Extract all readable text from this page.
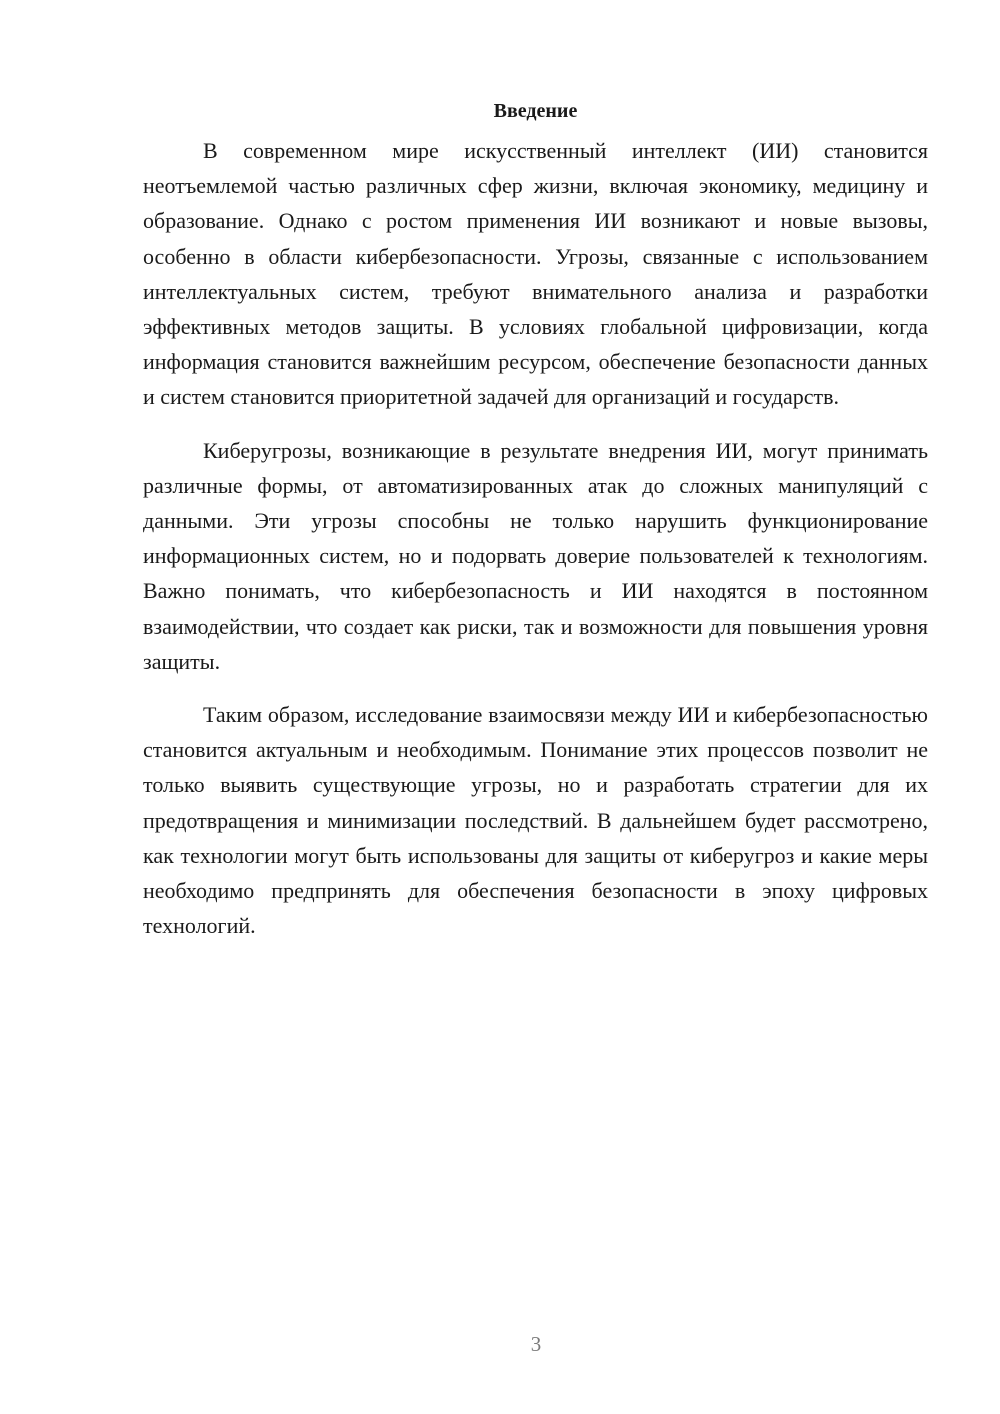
Введение

В современном мире искусственный интеллект (ИИ) становится неотъемлемой частью различных сфер жизни, включая экономику, медицину и образование. Однако с ростом применения ИИ возникают и новые вызовы, особенно в области кибербезопасности. Угрозы, связанные с использованием интеллектуальных систем, требуют внимательного анализа и разработки эффективных методов защиты. В условиях глобальной цифровизации, когда информация становится важнейшим ресурсом, обеспечение безопасности данных и систем становится приоритетной задачей для организаций и государств.

Киберугрозы, возникающие в результате внедрения ИИ, могут принимать различные формы, от автоматизированных атак до сложных манипуляций с данными. Эти угрозы способны не только нарушить функционирование информационных систем, но и подорвать доверие пользователей к технологиям. Важно понимать, что кибербезопасность и ИИ находятся в постоянном взаимодействии, что создает как риски, так и возможности для повышения уровня защиты.

Таким образом, исследование взаимосвязи между ИИ и кибербезопасностью становится актуальным и необходимым. Понимание этих процессов позволит не только выявить существующие угрозы, но и разработать стратегии для их предотвращения и минимизации последствий. В дальнейшем будет рассмотрено, как технологии могут быть использованы для защиты от киберугроз и какие меры необходимо предпринять для обеспечения безопасности в эпоху цифровых технологий.

3
